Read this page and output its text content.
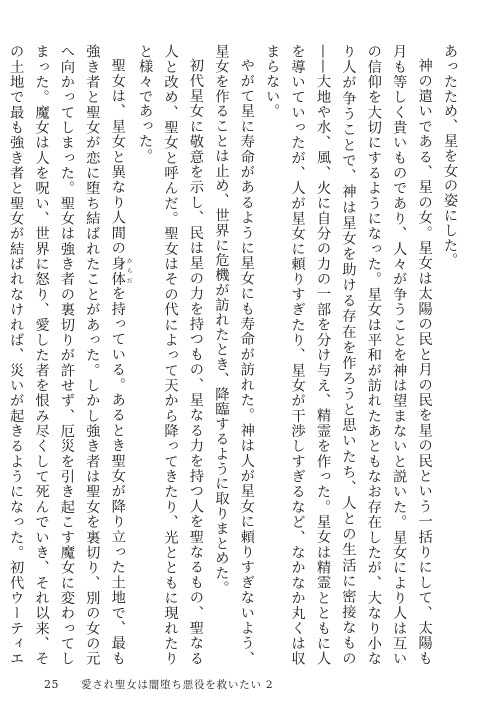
あったため、星を女の姿にした。

神の遣いである、星の女。星女は太陽の民と月の民を星の民という一括りにして、太陽も月も等しく貴いものであり、人々が争うことを神は望まないと説いた。星女により人は互いの信仰を大切にするようになった。星女は平和が訪れたあともなお存在したが、大なり小なり人が争うことで、神は星女を助ける存在を作ろうと思いたち、人との生活に密接なもの——大地や水、風、火に自分の力の一部を分け与え、精霊を作った。星女は精霊とともに人を導いていったが、人が星女に頼りすぎたり、星女が干渉しすぎるなど、なかなか丸くは収まらない。

やがて星に寿命があるように星女にも寿命が訪れた。神は人が星女に頼りすぎないよう、星女を作ることは止め、世界に危機が訪れたとき、降臨するように取りまとめた。

初代星女に敬意を示し、民は星の力を持つもの、星なる力を持つ人を聖なるもの、聖なる人と改め、聖女と呼んだ。聖女はその代によって天から降ってきたり、光とともに現れたりと様々であった。

聖女は、星女と異なり人間の身体 からだを持っている。あるとき聖女が降り立った土地で、最も強き者と聖女が恋に堕ち結ばれたことがあった。しかし強き者は聖女を裏切り、別の女の元へ向かってしまった。聖女は強き者の裏切りが許せず、厄災を引き起こす魔女に変わってしまった。魔女は人を呪い、世界に怒り、愛した者を恨み尽くして死んでいき、それ以来、その土地で最も強き者と聖女が結ばれなければ、災いが起きるようになった。初代ウーティエ

25 愛され聖女は闇堕ち悪役を救いたい 2
